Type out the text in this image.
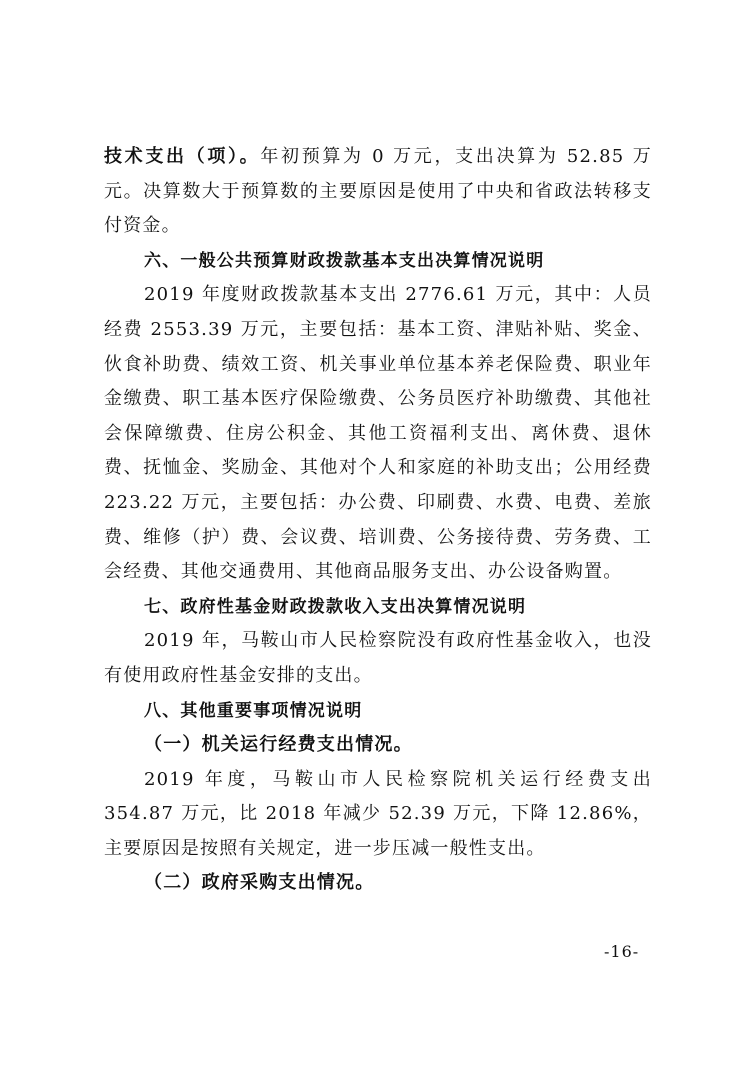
技术支出（项）。年初预算为 0 万元，支出决算为 52.85 万元。决算数大于预算数的主要原因是使用了中央和省政法转移支付资金。

六、一般公共预算财政拨款基本支出决算情况说明

2019 年度财政拨款基本支出 2776.61 万元，其中：人员经费 2553.39 万元，主要包括：基本工资、津贴补贴、奖金、伙食补助费、绩效工资、机关事业单位基本养老保险费、职业年金缴费、职工基本医疗保险缴费、公务员医疗补助缴费、其他社会保障缴费、住房公积金、其他工资福利支出、离休费、退休费、抚恤金、奖励金、其他对个人和家庭的补助支出；公用经费 223.22 万元，主要包括：办公费、印刷费、水费、电费、差旅费、维修（护）费、会议费、培训费、公务接待费、劳务费、工会经费、其他交通费用、其他商品服务支出、办公设备购置。

七、政府性基金财政拨款收入支出决算情况说明

2019 年，马鞍山市人民检察院没有政府性基金收入，也没有使用政府性基金安排的支出。

八、其他重要事项情况说明

（一）机关运行经费支出情况。

2019 年度，马鞍山市人民检察院机关运行经费支出 354.87 万元，比 2018 年减少 52.39 万元，下降 12.86%，主要原因是按照有关规定，进一步压减一般性支出。

（二）政府采购支出情况。

-16-
